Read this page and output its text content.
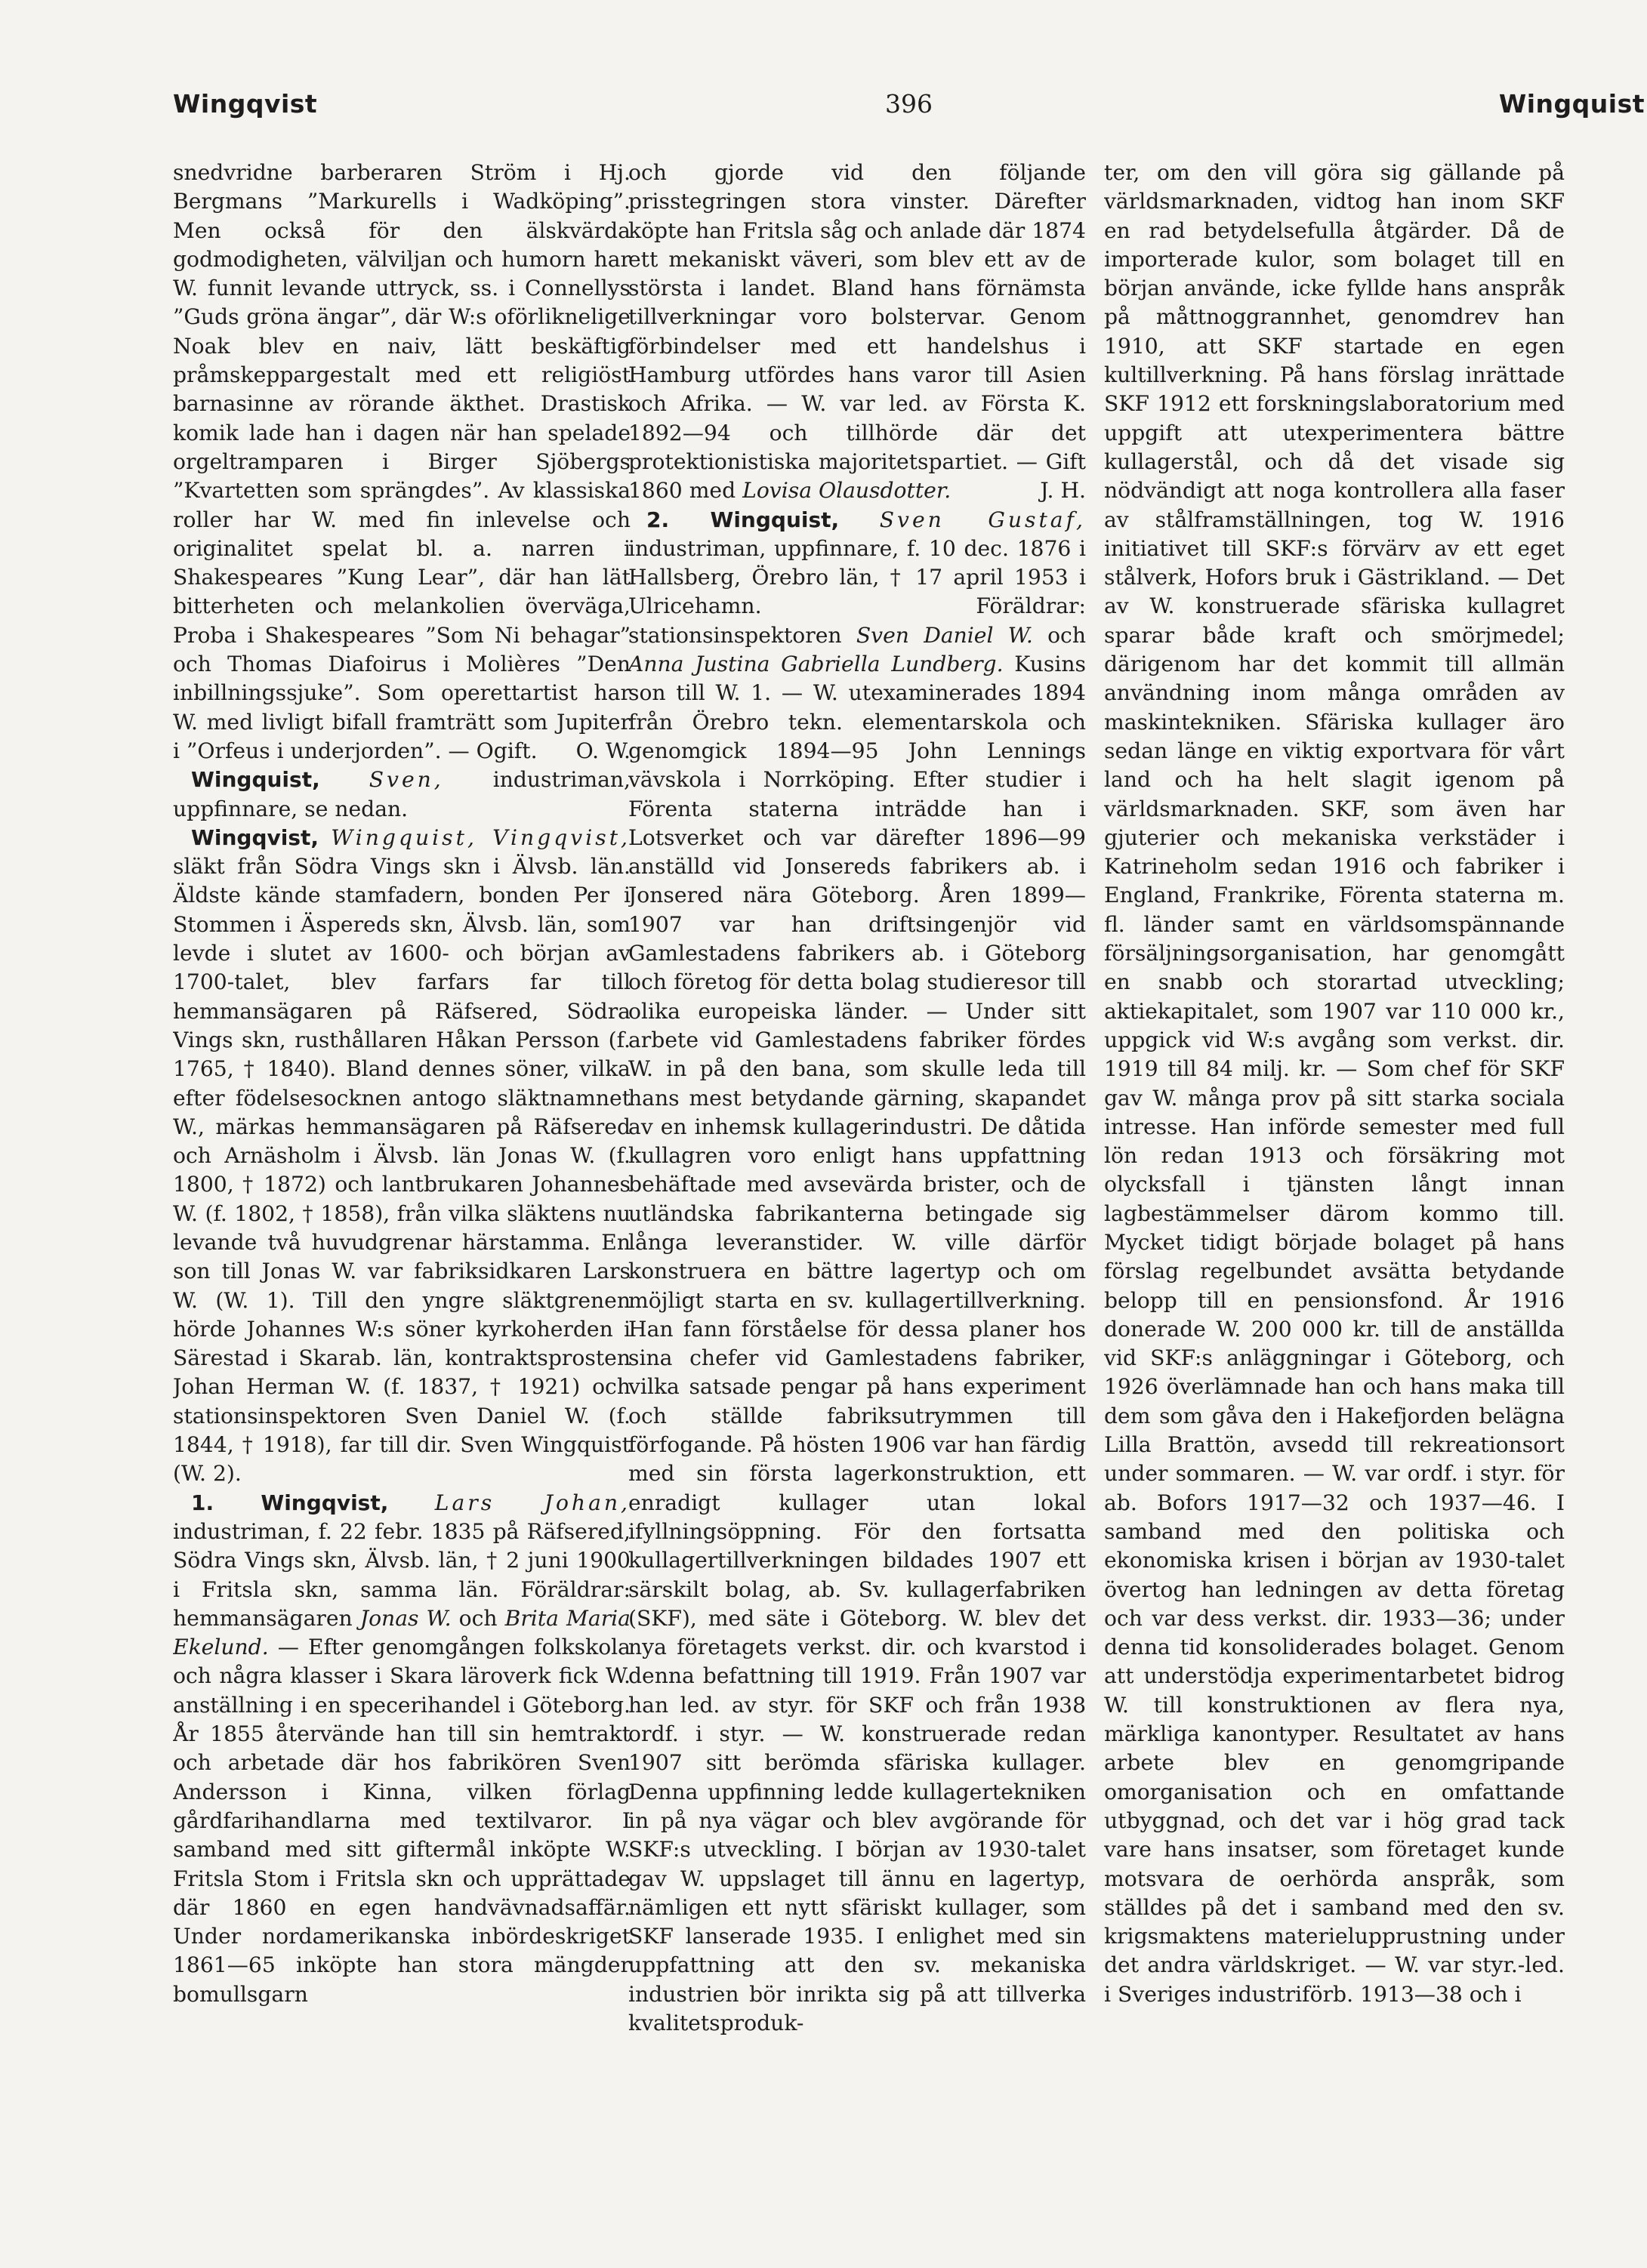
Wingqvist	396	Wingquist

snedvridne barberaren Ström i Hj. Bergmans ”Markurells i Wadköping”. Men också för den älskvärda godmodigheten, välviljan och humorn har W. funnit levande uttryck, ss. i Connellys ”Guds gröna ängar”, där W:s oförliknelige Noak blev en naiv, lätt beskäftig pråmskeppargestalt med ett religiöst barnasinne av rörande äkthet. Drastisk komik lade han i dagen när han spelade orgeltramparen i Birger Sjöbergs ”Kvartetten som sprängdes”. Av klassiska roller har W. med fin inlevelse och originalitet spelat bl. a. narren i Shakespeares ”Kung Lear”, där han lät bitterheten och melankolien överväga, Proba i Shakespeares ”Som Ni behagar” och Thomas Diafoirus i Molières ”Den inbillningssjuke”. Som operettartist har W. med livligt bifall framträtt som Jupiter i ”Orfeus i underjorden”. — Ogift. O. W.

Wingquist, Sven, industriman, uppfinnare, se nedan.

Wingqvist, Wingquist, Vingqvist, släkt från Södra Vings skn i Älvsb. län. Äldste kände stamfadern, bonden Per i Stommen i Äspereds skn, Älvsb. län, som levde i slutet av 1600- och början av 1700-talet, blev farfars far till hemmansägaren på Räfsered, Södra Vings skn, rusthållaren Håkan Persson (f. 1765, † 1840). Bland dennes söner, vilka efter födelsesocknen antogo släktnamnet W., märkas hemmansägaren på Räfsered och Arnäsholm i Älvsb. län Jonas W. (f. 1800, † 1872) och lantbrukaren Johannes W. (f. 1802, † 1858), från vilka släktens nu levande två huvudgrenar härstamma. En son till Jonas W. var fabriksidkaren Lars W. (W. 1). Till den yngre släktgrenen hörde Johannes W:s söner kyrkoherden i Särestad i Skarab. län, kontraktsprosten Johan Herman W. (f. 1837, † 1921) och stationsinspektoren Sven Daniel W. (f. 1844, † 1918), far till dir. Sven Wingquist (W. 2).

1. Wingqvist, Lars Johan, industriman, f. 22 febr. 1835 på Räfsered, Södra Vings skn, Älvsb. län, † 2 juni 1900 i Fritsla skn, samma län. Föräldrar: hemmansägaren Jonas W. och Brita Maria Ekelund. — Efter genomgången folkskola och några klasser i Skara läroverk fick W. anställning i en specerihandel i Göteborg. År 1855 återvände han till sin hemtrakt och arbetade där hos fabrikören Sven Andersson i Kinna, vilken förlag gårdfarihandlarna med textilvaror. I samband med sitt giftermål inköpte W. Fritsla Stom i Fritsla skn och upprättade där 1860 en egen handvävnadsaffär. Under nordamerikanska inbördeskriget 1861—65 inköpte han stora mängder bomullsgarn

och gjorde vid den följande prisstegringen stora vinster. Därefter köpte han Fritsla såg och anlade där 1874 ett mekaniskt väveri, som blev ett av de största i landet. Bland hans förnämsta tillverkningar voro bolstervar. Genom förbindelser med ett handelshus i Hamburg utfördes hans varor till Asien och Afrika. — W. var led. av Första K. 1892—94 och tillhörde där det protektionistiska majoritetspartiet. — Gift 1860 med Lovisa Olausdotter.	J. H.

2. Wingquist, Sven Gustaf, industriman, uppfinnare, f. 10 dec. 1876 i Hallsberg, Örebro län, † 17 april 1953 i Ulricehamn. Föräldrar: stationsinspektoren Sven Daniel W. och Anna Justina Gabriella Lundberg. Kusins son till W. 1. — W. utexaminerades 1894 från Örebro tekn. elementarskola och genomgick 1894—95 John Lennings vävskola i Norrköping. Efter studier i Förenta staterna inträdde han i Lotsverket och var därefter 1896—99 anställd vid Jonsereds fabrikers ab. i Jonsered nära Göteborg. Åren 1899—1907 var han driftsingenjör vid Gamlestadens fabrikers ab. i Göteborg och företog för detta bolag studieresor till olika europeiska länder. — Under sitt arbete vid Gamlestadens fabriker fördes W. in på den bana, som skulle leda till hans mest betydande gärning, skapandet av en inhemsk kullagerindustri. De dåtida kullagren voro enligt hans uppfattning behäftade med avsevärda brister, och de utländska fabrikanterna betingade sig långa leveranstider. W. ville därför konstruera en bättre lagertyp och om möjligt starta en sv. kullagertillverkning. Han fann förståelse för dessa planer hos sina chefer vid Gamlestadens fabriker, vilka satsade pengar på hans experiment och ställde fabriksutrymmen till förfogande. På hösten 1906 var han färdig med sin första lagerkonstruktion, ett enradigt kullager utan lokal ifyllningsöppning. För den fortsatta kullagertillverkningen bildades 1907 ett särskilt bolag, ab. Sv. kullagerfabriken (SKF), med säte i Göteborg. W. blev det nya företagets verkst. dir. och kvarstod i denna befattning till 1919. Från 1907 var han led. av styr. för SKF och från 1938 ordf. i styr. — W. konstruerade redan 1907 sitt berömda sfäriska kullager. Denna uppfinning ledde kullagertekniken in på nya vägar och blev avgörande för SKF:s utveckling. I början av 1930-talet gav W. uppslaget till ännu en lagertyp, nämligen ett nytt sfäriskt kullager, som SKF lanserade 1935. I enlighet med sin uppfattning att den sv. mekaniska industrien bör inrikta sig på att tillverka kvalitetsproduk-

ter, om den vill göra sig gällande på världsmarknaden, vidtog han inom SKF en rad betydelsefulla åtgärder. Då de importerade kulor, som bolaget till en början använde, icke fyllde hans anspråk på måttnoggrannhet, genomdrev han 1910, att SKF startade en egen kultillverkning. På hans förslag inrättade SKF 1912 ett forskningslaboratorium med uppgift att utexperimentera bättre kullagerstål, och då det visade sig nödvändigt att noga kontrollera alla faser av stålframställningen, tog W. 1916 initiativet till SKF:s förvärv av ett eget stålverk, Hofors bruk i Gästrikland. — Det av W. konstruerade sfäriska kullagret sparar både kraft och smörjmedel; därigenom har det kommit till allmän användning inom många områden av maskintekniken. Sfäriska kullager äro sedan länge en viktig exportvara för vårt land och ha helt slagit igenom på världsmarknaden. SKF, som även har gjuterier och mekaniska verkstäder i Katrineholm sedan 1916 och fabriker i England, Frankrike, Förenta staterna m. fl. länder samt en världsomspännande försäljningsorganisation, har genomgått en snabb och storartad utveckling; aktiekapitalet, som 1907 var 110 000 kr., uppgick vid W:s avgång som verkst. dir. 1919 till 84 milj. kr. — Som chef för SKF gav W. många prov på sitt starka sociala intresse. Han införde semester med full lön redan 1913 och försäkring mot olycksfall i tjänsten långt innan lagbestämmelser därom kommo till. Mycket tidigt började bolaget på hans förslag regelbundet avsätta betydande belopp till en pensionsfond. År 1916 donerade W. 200 000 kr. till de anställda vid SKF:s anläggningar i Göteborg, och 1926 överlämnade han och hans maka till dem som gåva den i Hakefjorden belägna Lilla Brattön, avsedd till rekreationsort under sommaren. — W. var ordf. i styr. för ab. Bofors 1917—32 och 1937—46. I samband med den politiska och ekonomiska krisen i början av 1930-talet övertog han ledningen av detta företag och var dess verkst. dir. 1933—36; under denna tid konsoliderades bolaget. Genom att understödja experimentarbetet bidrog W. till konstruktionen av flera nya, märkliga kanontyper. Resultatet av hans arbete blev en genomgripande omorganisation och en omfattande utbyggnad, och det var i hög grad tack vare hans insatser, som företaget kunde motsvara de oerhörda anspråk, som ställdes på det i samband med den sv. krigsmaktens materielupprustning under det andra världskriget. — W. var styr.-led. i Sveriges industriförb. 1913—38 och i
